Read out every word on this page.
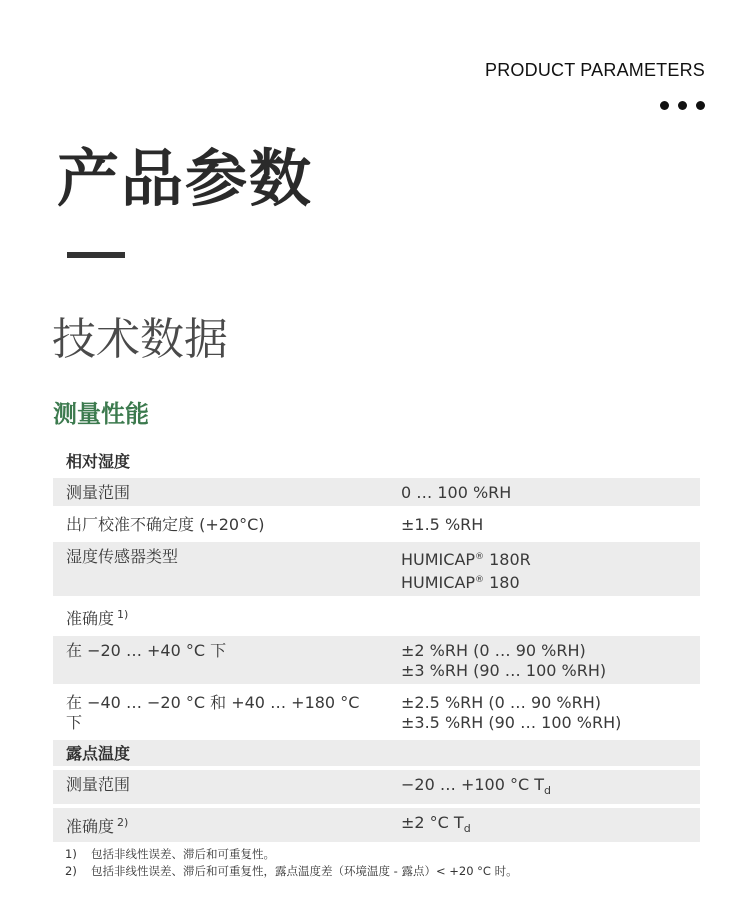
PRODUCT PARAMETERS
产品参数
技术数据
测量性能
相对湿度	
测量范围	0 … 100 %RH
出厂校准不确定度 (+20°C)	±1.5 %RH
湿度传感器类型	HUMICAP® 180R
HUMICAP® 180

准确度 $^{1)}$	
在 −20 … +40 °C 下	±2 %RH (0 … 90 %RH)
±3 %RH (90 … 100 %RH)

在 −40 … −20 °C 和 +40 … +180 °C 下	±2.5 %RH (0 … 90 %RH)
±3.5 %RH (90 … 100 %RH)

露点温度	
测量范围	−20 … +100 °C $T_d$
准确度 $^{2)}$	±2 °C $T_d$
1)	包括非线性误差、滞后和可重复性。
2)	包括非线性误差、滞后和可重复性，露点温度差（环境温度 - 露点）< +20 °C 时。
